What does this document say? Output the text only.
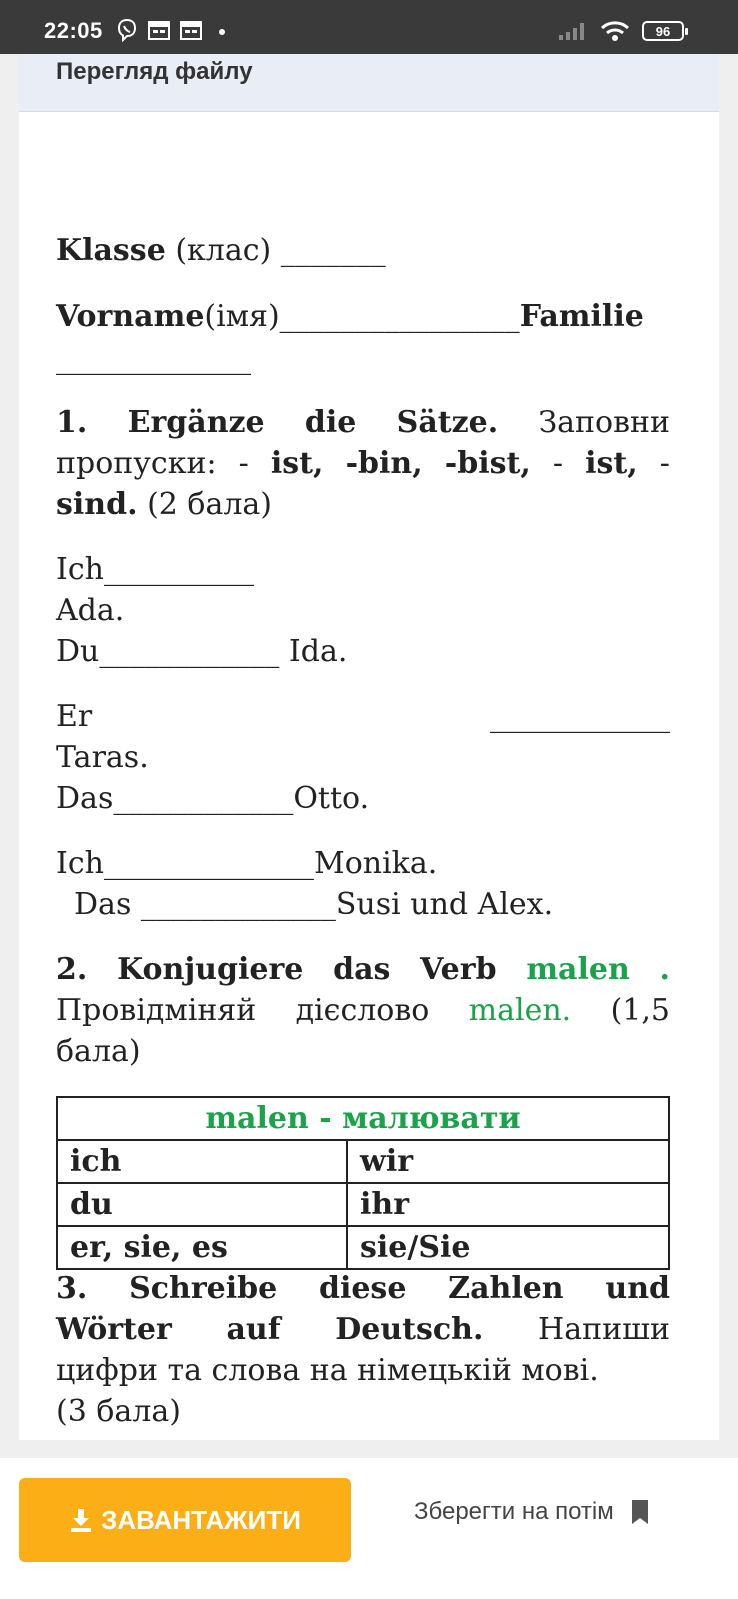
22:05	96
Перегляд файлу
Klasse (клас) _______
Vorname(імя)________________Familie
_____________
1. Ergänze die Sätze. Заповни
пропуски: - ist, -bin, -bist, - ist, -
sind. (2 бала)
Ich__________
Ada.
Du____________ Ida.
Er	____________
Taras.
Das____________Otto.
Ich______________Monika.
Das _____________Susi und Alex.
2. Konjugiere das Verb malen .
Провідміняй дієслово malen. (1,5
бала)
malen - малювати	
ich	wir
du	ihr
er, sie, es	sie/Sie
3. Schreibe diese Zahlen und
Wörter auf Deutsch. Напиши
цифри та слова на німецькій мові.
(3 бала)
ЗАВАНТАЖИТИ	Зберегти на потім
